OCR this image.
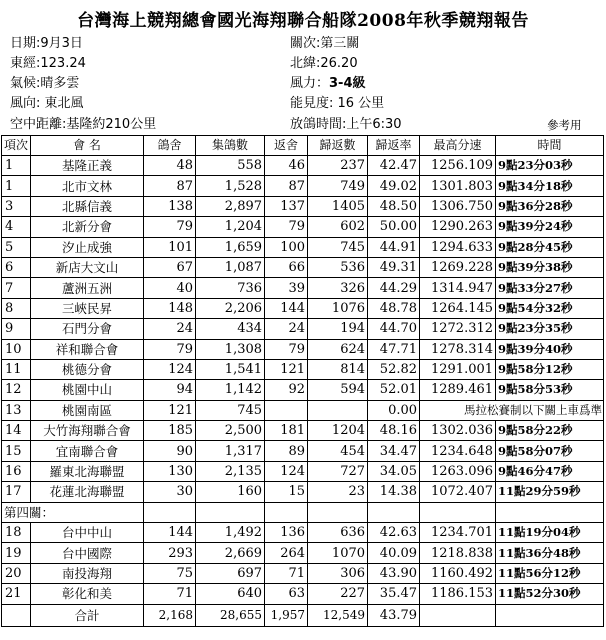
台灣海上競翔總會國光海翔聯合船隊2008年秋季競翔報告
日期:9月3日	關次:第三關
東經:123.24	北緯:26.20
氣候:晴多雲	風力：3-4級
風向: 東北風	能見度: 16 公里
空中距離:基隆約210公里	放鴿時間:上午6:30	參考用
項次	會 名	鴿舍	集鴿數	返舍	歸返數	歸返率	最高分速	時間
1	基隆正義	48	558	46	237	42.47	1256.109	9點23分03秒
1	北市文林	87	1,528	87	749	49.02	1301.803	9點34分18秒
3	北縣信義	138	2,897	137	1405	48.50	1306.750	9點36分28秒
4	北新分會	79	1,204	79	602	50.00	1290.263	9點39分24秒
5	汐止成強	101	1,659	100	745	44.91	1294.633	9點28分45秒
6	新店大文山	67	1,087	66	536	49.31	1269.228	9點39分38秒
7	蘆洲五洲	40	736	39	326	44.29	1314.947	9點33分27秒
8	三峽民昇	148	2,206	144	1076	48.78	1264.145	9點54分32秒
9	石門分會	24	434	24	194	44.70	1272.312	9點23分35秒
10	祥和聯合會	79	1,308	79	624	47.71	1278.314	9點39分40秒
11	桃德分會	124	1,541	121	814	52.82	1291.001	9點58分12秒
12	桃園中山	94	1,142	92	594	52.01	1289.461	9點58分53秒
13	桃園南區	121	745			0.00	馬拉松賽制以下關上車爲準	
14	大竹海翔聯合會	185	2,500	181	1204	48.16	1302.036	9點58分22秒
15	宜南聯合會	90	1,317	89	454	34.47	1234.648	9點58分07秒
16	羅東北海聯盟	130	2,135	124	727	34.05	1263.096	9點46分47秒
17	花蓮北海聯盟	30	160	15	23	14.38	1072.407	11點29分59秒
第四關：								
18	台中中山	144	1,492	136	636	42.63	1234.701	11點19分04秒
19	台中國際	293	2,669	264	1070	40.09	1218.838	11點36分48秒
20	南投海翔	75	697	71	306	43.90	1160.492	11點56分12秒
21	彰化和美	71	640	63	227	35.47	1186.153	11點52分30秒
	合計	2,168	28,655	1,957	12,549	43.79		
